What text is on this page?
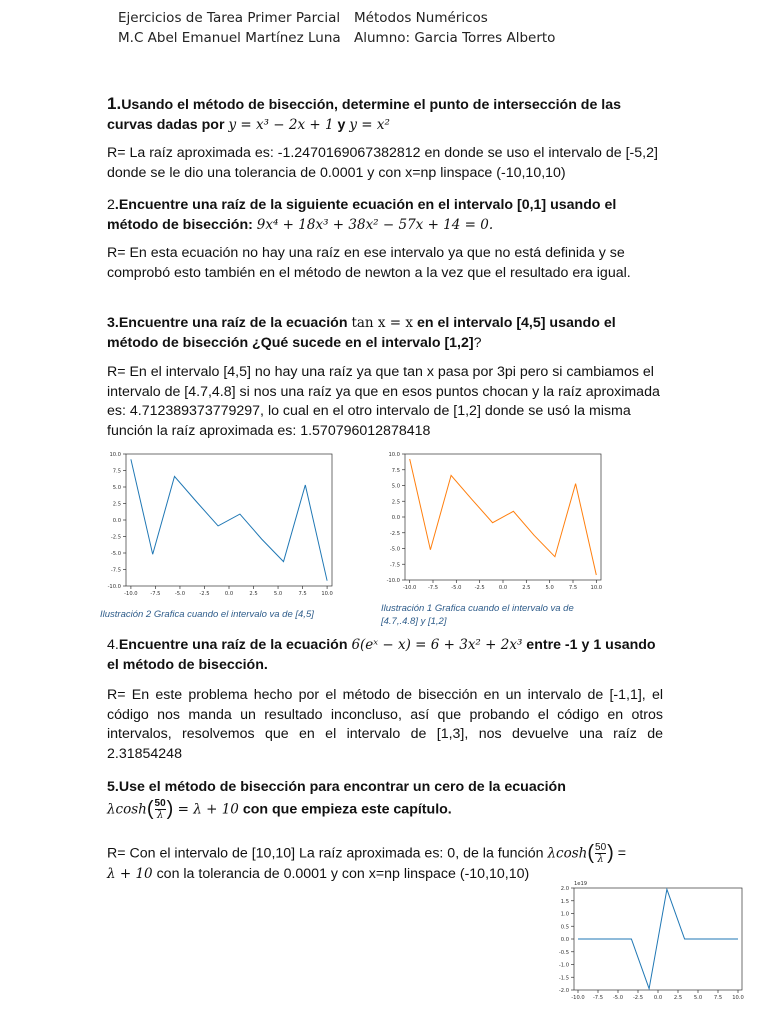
Ejercicios de Tarea Primer Parcial
M.C Abel Emanuel Martínez Luna
Métodos Numéricos
Alumno: Garcia Torres Alberto
1.Usando el método de bisección, determine el punto de intersección de las curvas dadas por y = x³ − 2x + 1 y y = x²
R= La raíz aproximada es: -1.2470169067382812 en donde se uso el intervalo de [-5,2] donde se le dio una tolerancia de 0.0001 y con x=np linspace (-10,10,10)
2.Encuentre una raíz de la siguiente ecuación en el intervalo [0,1] usando el método de bisección: 9x⁴ + 18x³ + 38x² − 57x + 14 = 0.
R= En esta ecuación no hay una raíz en ese intervalo ya que no está definida y se comprobó esto también en el método de newton a la vez que el resultado era igual.
3.Encuentre una raíz de la ecuación tan x = x en el intervalo [4,5] usando el método de bisección ¿Qué sucede en el intervalo [1,2]?
R= En el intervalo [4,5] no hay una raíz ya que tan x pasa por 3pi pero si cambiamos el intervalo de [4.7,4.8] si nos una raíz ya que en esos puntos chocan y la raíz aproximada es: 4.712389373779297, lo cual en el otro intervalo de [1,2] donde se usó la misma función la raíz aproximada es: 1.570796012878418
10.0
7.5
5.0
2.5
0.0
-2.5
-5.0
-7.5
-10.0
-10.0 -7.5	-5.0	-2.5	0.0	2.5	5.0	7.5	10.0
Ilustración 2 Grafica cuando el intervalo va de [4,5]
10.0
7.5
5.0
2.5
0.0
-2.5
-5.0
-7.5
-10.0
-10.0 -7.5	-5.0	-2.5	0.0	2.5	5.0	7.5	10.0
Ilustración 1 Grafica cuando el intervalo va de [4.7,.4.8] y [1,2]
4.Encuentre una raíz de la ecuación 6(eˣ − x) = 6 + 3x² + 2x³ entre -1 y 1 usando el método de bisección.
R= En este problema hecho por el método de bisección en un intervalo de [-1,1], el código nos manda un resultado inconcluso, así que probando el código en otros intervalos, resolvemos que en el intervalo de [1,3], nos devuelve una raíz de 2.31854248
5.Use el método de bisección para encontrar un cero de la ecuación
$\lambda\cosh( \frac{50}{\lambda}$ ) = λ + 10 con que empieza este capítulo.
R= Con el intervalo de [10,10] La raíz aproximada es: 0, de la función $\lambda\cosh( \frac{50}{\lambda}$ ) =
λ + 10 con la tolerancia de 0.0001 y con x=np linspace (-10,10,10)
2.0
1.5
1.0
0.5
0.0
-0.5
-1.0
-1.5
-2.0
-10.0 -7.5 -5.0 -2.5 0.0 2.5 5.0 7.5 10.0
1e19
